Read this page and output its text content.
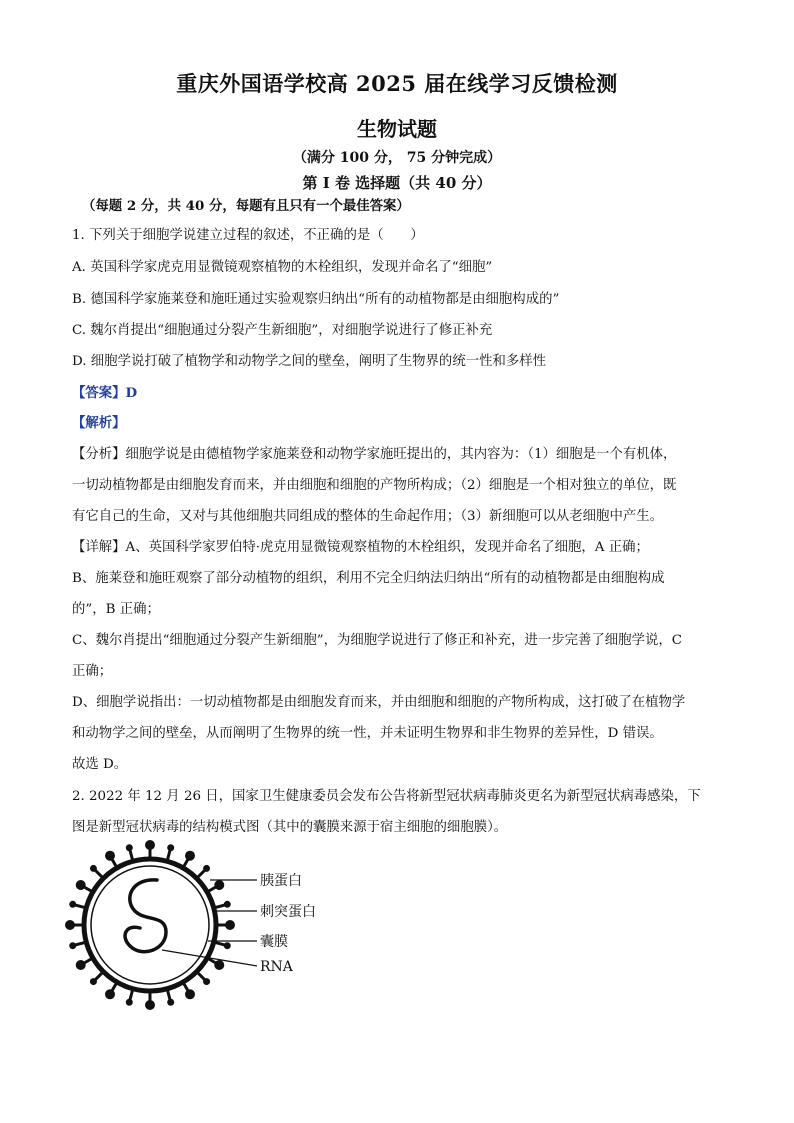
重庆外国语学校高 2025 届在线学习反馈检测
生物试题
（满分 100 分， 75 分钟完成）
第 Ⅰ 卷 选择题（共 40 分）
（每题 2 分，共 40 分，每题有且只有一个最佳答案）
1. 下列关于细胞学说建立过程的叙述，不正确的是（　　）
A. 英国科学家虎克用显微镜观察植物的木栓组织，发现并命名了“细胞”
B. 德国科学家施莱登和施旺通过实验观察归纳出“所有的动植物都是由细胞构成的”
C. 魏尔肖提出“细胞通过分裂产生新细胞”，对细胞学说进行了修正补充
D. 细胞学说打破了植物学和动物学之间的壁垒，阐明了生物界的统一性和多样性
【答案】D
【解析】
【分析】细胞学说是由德植物学家施莱登和动物学家施旺提出的，其内容为：（1）细胞是一个有机体，
一切动植物都是由细胞发育而来，并由细胞和细胞的产物所构成；（2）细胞是一个相对独立的单位，既
有它自己的生命，又对与其他细胞共同组成的整体的生命起作用；（3）新细胞可以从老细胞中产生。
【详解】A、英国科学家罗伯特·虎克用显微镜观察植物的木栓组织，发现并命名了细胞，A 正确；
B、施莱登和施旺观察了部分动植物的组织，利用不完全归纳法归纳出“所有的动植物都是由细胞构成
的”，B 正确；
C、魏尔肖提出“细胞通过分裂产生新细胞”，为细胞学说进行了修正和补充，进一步完善了细胞学说，C
正确；
D、细胞学说指出：一切动植物都是由细胞发育而来，并由细胞和细胞的产物所构成，这打破了在植物学
和动物学之间的壁垒，从而阐明了生物界的统一性，并未证明生物界和非生物界的差异性，D 错误。
故选 D。
2. 2022 年 12 月 26 日，国家卫生健康委员会发布公告将新型冠状病毒肺炎更名为新型冠状病毒感染，下
图是新型冠状病毒的结构模式图（其中的囊膜来源于宿主细胞的细胞膜）。
胰蛋白
刺突蛋白
囊膜
RNA
